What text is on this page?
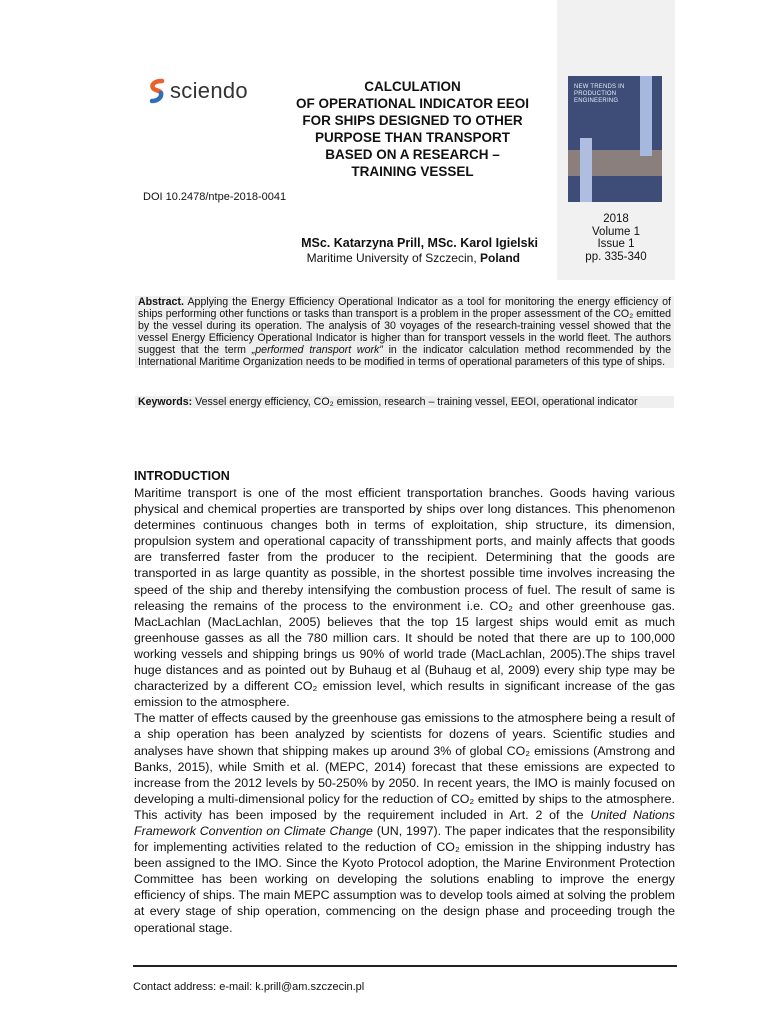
NEW TRENDS IN PRODUCTION ENGINEERING
2018
Volume 1
Issue 1
pp. 335-340
sciendo	CALCULATION
OF OPERATIONAL INDICATOR EEOI
FOR SHIPS DESIGNED TO OTHER
PURPOSE THAN TRANSPORT
BASED ON A RESEARCH –
TRAINING VESSEL
DOI 10.2478/ntpe-2018-0041
MSc. Katarzyna Prill, MSc. Karol Igielski
Maritime University of Szczecin, Poland
Abstract. Applying the Energy Efficiency Operational Indicator as a tool for monitoring the energy efficiency of ships performing other functions or tasks than transport is a problem in the proper assessment of the CO₂ emitted by the vessel during its operation. The analysis of 30 voyages of the research-training vessel showed that the vessel Energy Efficiency Operational Indicator is higher than for transport vessels in the world fleet. The authors suggest that the term „performed transport work” in the indicator calculation method recommended by the International Maritime Organization needs to be modified in terms of operational parameters of this type of ships.
Keywords: Vessel energy efficiency, CO₂ emission, research – training vessel, EEOI, operational indicator
INTRODUCTION

Maritime transport is one of the most efficient transportation branches. Goods having various physical and chemical properties are transported by ships over long distances. This phenomenon determines continuous changes both in terms of exploitation, ship structure, its dimension, propulsion system and operational capacity of transshipment ports, and mainly affects that goods are transferred faster from the producer to the recipient. Determining that the goods are transported in as large quantity as possible, in the shortest possible time involves increasing the speed of the ship and thereby intensifying the combustion process of fuel. The result of same is releasing the remains of the process to the environment i.e. CO₂ and other greenhouse gas. MacLachlan (MacLachlan, 2005) believes that the top 15 largest ships would emit as much greenhouse gasses as all the 780 million cars. It should be noted that there are up to 100,000 working vessels and shipping brings us 90% of world trade (MacLachlan, 2005).The ships travel huge distances and as pointed out by Buhaug et al (Buhaug et al, 2009) every ship type may be characterized by a different CO₂ emission level, which results in significant increase of the gas emission to the atmosphere.

The matter of effects caused by the greenhouse gas emissions to the atmosphere being a result of a ship operation has been analyzed by scientists for dozens of years. Scientific studies and analyses have shown that shipping makes up around 3% of global CO₂ emissions (Amstrong and Banks, 2015), while Smith et al. (MEPC, 2014) forecast that these emissions are expected to increase from the 2012 levels by 50-250% by 2050. In recent years, the IMO is mainly focused on developing a multi-dimensional policy for the reduction of CO₂ emitted by ships to the atmosphere. This activity has been imposed by the requirement included in Art. 2 of the United Nations Framework Convention on Climate Change (UN, 1997). The paper indicates that the responsibility for implementing activities related to the reduction of CO₂ emission in the shipping industry has been assigned to the IMO. Since the Kyoto Protocol adoption, the Marine Environment Protection Committee has been working on developing the solutions enabling to improve the energy efficiency of ships. The main MEPC assumption was to develop tools aimed at solving the problem at every stage of ship operation, commencing on the design phase and proceeding trough the operational stage.

Contact address: e-mail: k.prill@am.szczecin.pl
